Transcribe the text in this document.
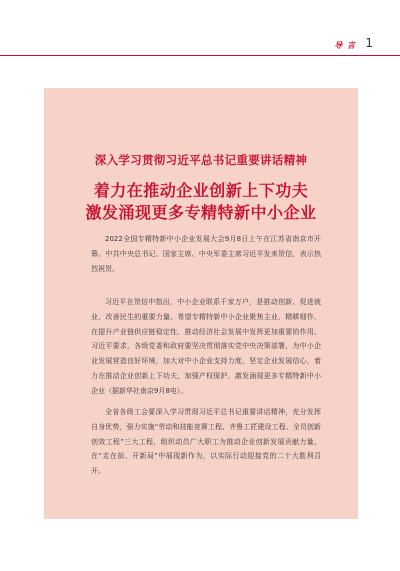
导 言 1
深入学习贯彻习近平总书记重要讲话精神
着力在推动企业创新上下功夫
激发涌现更多专精特新中小企业

2022全国专精特新中小企业发展大会9月8日上午在江苏省南京市开幕。中共中央总书记、国家主席、中央军委主席习近平发来贺信，表示热烈祝贺。

习近平在贺信中指出，中小企业联系千家万户，是推动创新、促进就业、改善民生的重要力量。希望专精特新中小企业聚焦主业，精耕细作，在提升产业链供应链稳定性、推动经济社会发展中发挥更加重要的作用。习近平要求，各级党委和政府要坚决贯彻落实党中央决策部署，为中小企业发展营造良好环境，加大对中小企业支持力度，坚定企业发展信心，着力在推动企业创新上下功夫，加强产权保护，激发涌现更多专精特新中小企业（据新华社南京9月8电）。

全省各级工会要深入学习贯彻习近平总书记重要讲话精神，充分发挥自身优势，强力实施“劳动和技能竞赛工程、齐鲁工匠建设工程、全员创新创效工程”三大工程，组织动员广大职工为推动企业创新发展贡献力量，在“走在前、开新局”中展现新作为，以实际行动迎接党的二十大胜利召开。
